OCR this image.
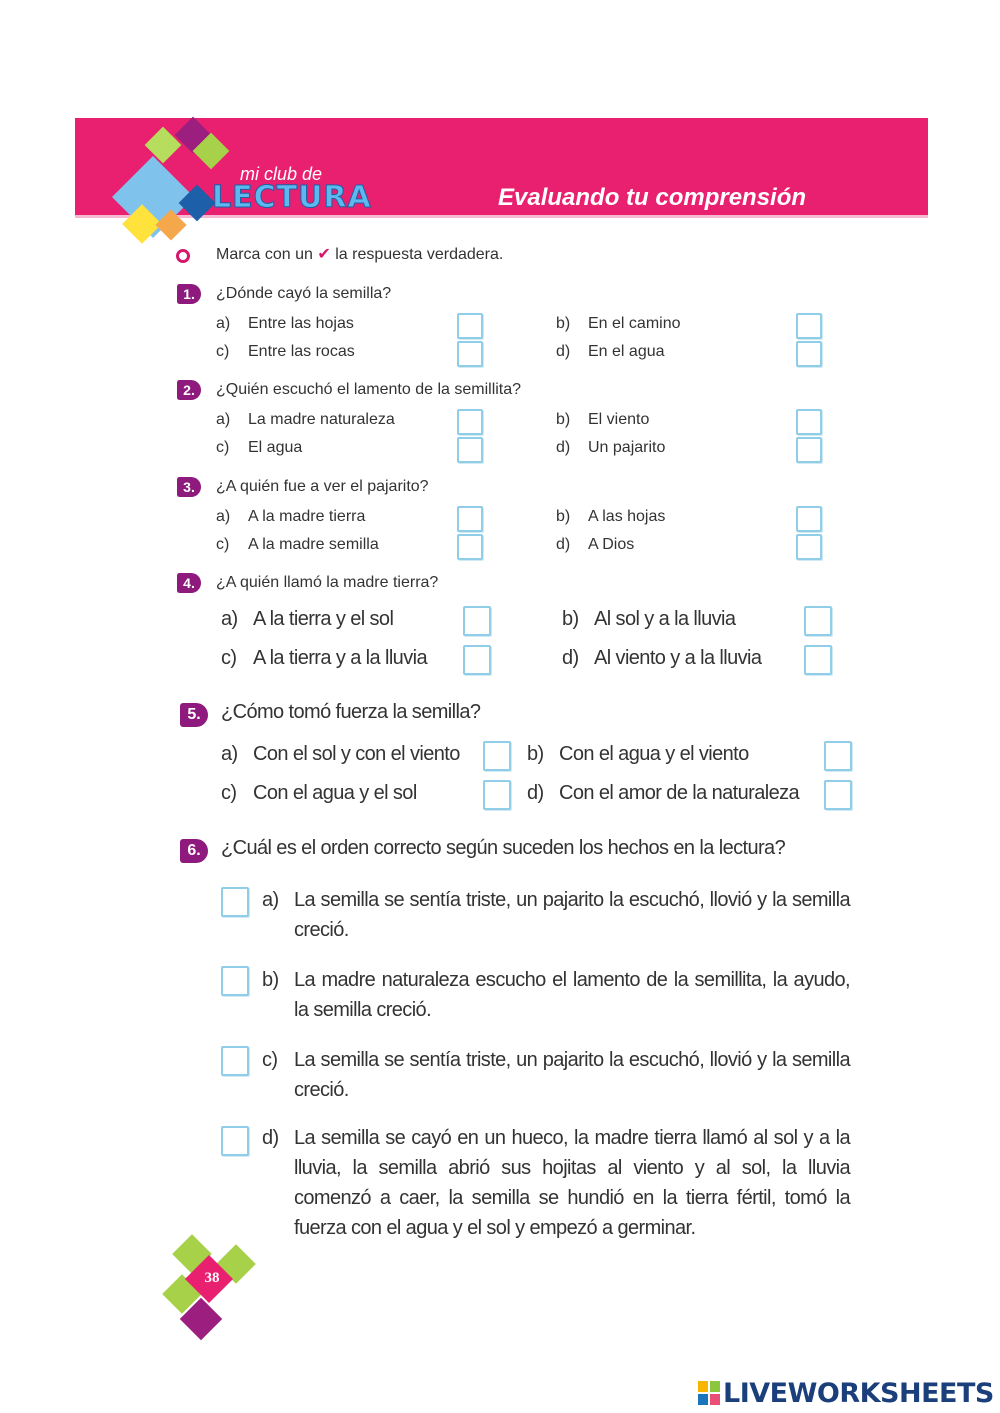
mi club de
LECTURA	Evaluando tu comprensión
Marca con un ✔ la respuesta verdadera.
1.	¿Dónde cayó la semilla?
a) Entre las hojas	b) En el camino
c) Entre las rocas	d) En el agua
2.	¿Quién escuchó el lamento de la semillita?
a) La madre naturaleza	b) El viento
c) El agua	d) Un pajarito
3.	¿A quién fue a ver el pajarito?
a) A la madre tierra	b) A las hojas
c) A la madre semilla	d) A Dios
4.	¿A quién llamó la madre tierra?
a) A la tierra y el sol	b) Al sol y a la lluvia
c) A la tierra y a la lluvia	d) Al viento y a la lluvia
5.	¿Cómo tomó fuerza la semilla?
a) Con el sol y con el viento	b) Con el agua y el viento
c) Con el agua y el sol	d) Con el amor de la naturaleza
6.	¿Cuál es el orden correcto según suceden los hechos en la lectura?
a) La semilla se sentía triste, un pajarito la escuchó, llovió y la semilla creció.
b) La madre naturaleza escucho el lamento de la semillita, la ayudo, la semilla creció.
c) La semilla se sentía triste, un pajarito la escuchó, llovió y la semilla creció.
d) La semilla se cayó en un hueco, la madre tierra llamó al sol y a la lluvia, la semilla abrió sus hojitas al viento y al sol, la lluvia comenzó a caer, la semilla se hundió en la tierra fértil, tomó la fuerza con el agua y el sol y empezó a germinar.
38
LIVEWORKSHEETS
